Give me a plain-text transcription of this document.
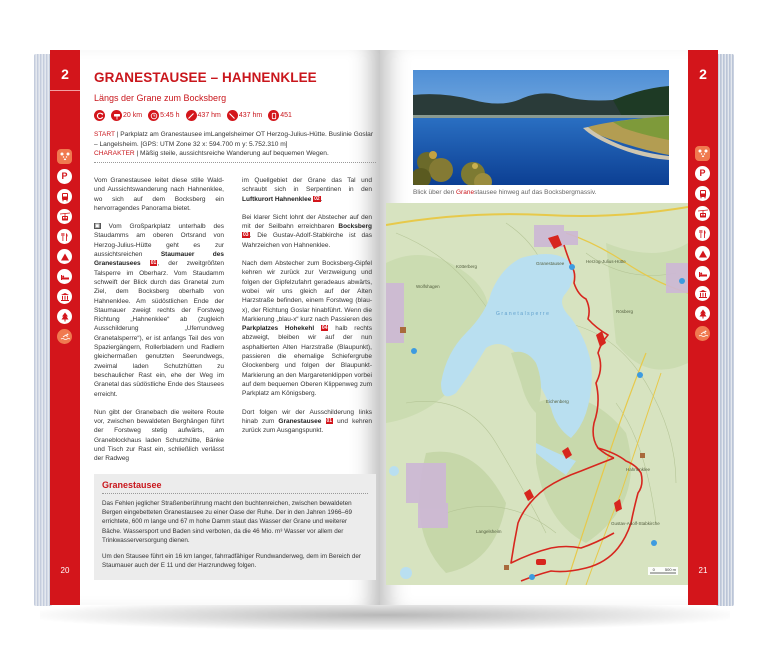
2
P
20
GRANESTAUSEE – HAHNENKLEE
Längs der Grane zum Bocksberg
20 km	5:45 h	437 hm	437 hm	451
START | Parkplatz am Granestausee imLangelsheimer OT Herzog-Julius-Hütte. Buslinie Goslar – Langelsheim. [GPS: UTM Zone 32 x: 594.700 m y: 5.752.310 m]
CHARAKTER | Mäßig steile, aussichtsreiche Wanderung auf bequemen Wegen.

Vom Granestausee leitet diese stille Wald- und Aussichtswanderung nach Hahnenklee, wo sich auf dem Bocksberg ein hervorragendes Panorama bietet.

▣ Vom Großparkplatz unterhalb des Staudamms am oberen Ortsrand von Herzog-Julius-Hütte geht es zur aussichtsreichen Staumauer des Granestausees 01, der zweitgrößten Talsperre im Oberharz. Vom Staudamm schweift der Blick durch das Granetal zum Ziel, dem Bocksberg oberhalb von Hahnenklee. Am südöstlichen Ende der Staumauer zweigt rechts der Forstweg Richtung „Hahnenklee“ ab (zugleich Ausschilderung „Uferrundweg Granetalsperre“), er ist anfangs Teil des von Spaziergängern, Rollerbladern und Radlern gleichermaßen genutzten Seerundwegs, zweimal laden Schutzhütten zu beschaulicher Rast ein, ehe der Weg im Granetal das südöstliche Ende des Stausees erreicht.

Nun gibt der Granebach die weitere Route vor, zwischen bewaldeten Berghängen führt der Forstweg stetig aufwärts, am Graneblockhaus laden Schutzhütte, Bänke und Tisch zur Rast ein, schließlich verlässt der Radweg

im Quellgebiet der Grane das Tal und schraubt sich in Serpentinen in den Luftkurort Hahnenklee 02.

Bei klarer Sicht lohnt der Abstecher auf den mit der Seilbahn erreichbaren Bocksberg 03. Die Gustav-Adolf-Stabkirche ist das Wahrzeichen von Hahnenklee.

Nach dem Abstecher zum Bocksberg-Gipfel kehren wir zurück zur Verzweigung und folgen der Gipfelzufahrt geradeaus abwärts, wobei wir uns gleich auf der Alten Harzstraße befinden, einem Forstweg (blau-x), der Richtung Goslar hinabführt. Wenn die Markierung „blau-x“ kurz nach Passieren des Parkplatzes Hohekehl 04 halb rechts abzweigt, bleiben wir auf der nun asphaltierten Alten Harzstraße (Blaupunkt), passieren die ehemalige Schiefergrube Glockenberg und folgen der Blaupunkt-Markierung an den Margaretenklippen vorbei auf dem bequemen Oberen Klippenweg zum Parkplatz am Königsberg.

Dort folgen wir der Ausschilderung links hinab zum Granestausee 01 und kehren zurück zum Ausgangspunkt.

Granestausee

Das Fehlen jeglicher Straßenberührung macht den buchtenreichen, zwischen bewaldeten Bergen eingebetteten Granestausee zu einer Oase der Ruhe. Der in den Jahren 1966–69 errichtete, 600 m lange und 67 m hohe Damm staut das Wasser der Grane und weiterer Bäche. Wassersport und Baden sind verboten, da die 46 Mio. m³ Wasser vor allem der Trinkwasserversorgung dienen.

Um den Stausee führt ein 16 km langer, fahrradfähiger Rundwanderweg, dem im Bereich der Staumauer auch der E 11 und der Harzrundweg folgen.

Blick über den Granestausee hinweg auf das Bocksbergmassiv.
Wolfshagen
Kötterberg
Herzog-Julius-Hütte
Rösberg
Granestausee
Hahnenklee
Gustav-Adolf-Stabkirche
Langelsheim
Eichenberg
Granetalsperre
0	500 m
2
P
21
